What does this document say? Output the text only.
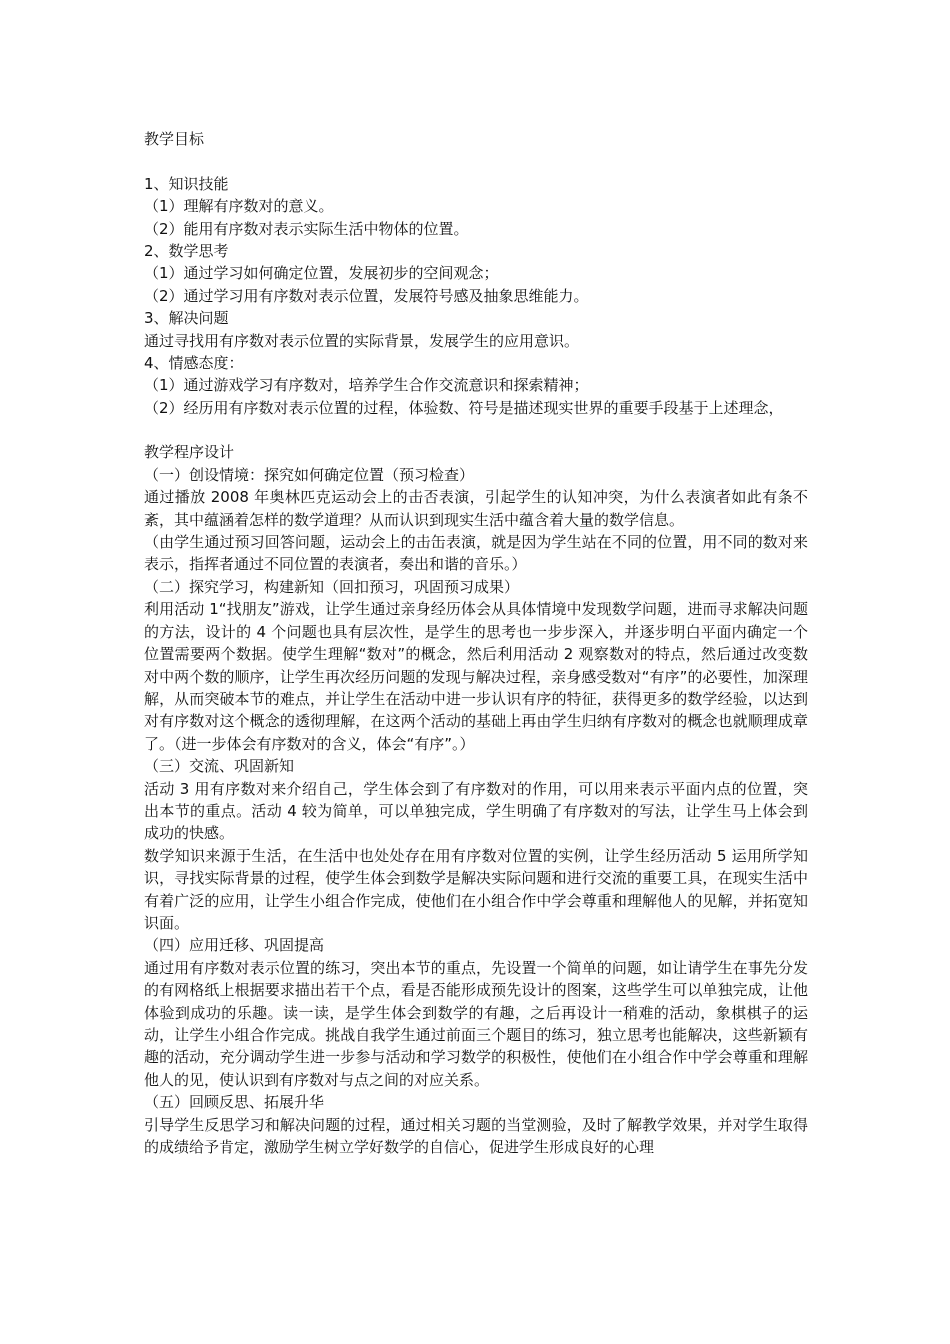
教学目标
1、知识技能
（1）理解有序数对的意义。
（2）能用有序数对表示实际生活中物体的位置。
2、数学思考
（1）通过学习如何确定位置，发展初步的空间观念；
（2）通过学习用有序数对表示位置，发展符号感及抽象思维能力。
3、解决问题
通过寻找用有序数对表示位置的实际背景，发展学生的应用意识。
4、情感态度：
（1）通过游戏学习有序数对，培养学生合作交流意识和探索精神；
（2）经历用有序数对表示位置的过程，体验数、符号是描述现实世界的重要手段基于上述理念，
教学程序设计
（一）创设情境：探究如何确定位置（预习检查）
通过播放 2008 年奥林匹克运动会上的击否表演，引起学生的认知冲突，为什么表演者如此有条不紊，其中蕴涵着怎样的数学道理？从而认识到现实生活中蕴含着大量的数学信息。
（由学生通过预习回答问题，运动会上的击缶表演，就是因为学生站在不同的位置，用不同的数对来表示，指挥者通过不同位置的表演者，奏出和谐的音乐。）
（二）探究学习，构建新知（回扣预习，巩固预习成果）
利用活动 1“找朋友”游戏，让学生通过亲身经历体会从具体情境中发现数学问题，进而寻求解决问题的方法，设计的 4 个问题也具有层次性，是学生的思考也一步步深入，并逐步明白平面内确定一个位置需要两个数据。使学生理解“数对”的概念，然后利用活动 2 观察数对的特点，然后通过改变数对中两个数的顺序，让学生再次经历问题的发现与解决过程，亲身感受数对“有序”的必要性，加深理解，从而突破本节的难点，并让学生在活动中进一步认识有序的特征，获得更多的数学经验，以达到对有序数对这个概念的透彻理解，在这两个活动的基础上再由学生归纳有序数对的概念也就顺理成章了。（进一步体会有序数对的含义，体会“有序”。）
（三）交流、巩固新知
活动 3 用有序数对来介绍自己，学生体会到了有序数对的作用，可以用来表示平面内点的位置，突出本节的重点。活动 4 较为简单，可以单独完成，学生明确了有序数对的写法，让学生马上体会到成功的快感。
数学知识来源于生活，在生活中也处处存在用有序数对位置的实例，让学生经历活动 5 运用所学知识，寻找实际背景的过程，使学生体会到数学是解决实际问题和进行交流的重要工具，在现实生活中有着广泛的应用，让学生小组合作完成，使他们在小组合作中学会尊重和理解他人的见解，并拓宽知识面。
（四）应用迁移、巩固提高
通过用有序数对表示位置的练习，突出本节的重点，先设置一个简单的问题，如让请学生在事先分发的有网格纸上根据要求描出若干个点，看是否能形成预先设计的图案，这些学生可以单独完成，让他体验到成功的乐趣。读一读，是学生体会到数学的有趣，之后再设计一稍难的活动，象棋棋子的运动，让学生小组合作完成。挑战自我学生通过前面三个题目的练习，独立思考也能解决，这些新颖有趣的活动，充分调动学生进一步参与活动和学习数学的积极性，使他们在小组合作中学会尊重和理解他人的见，使认识到有序数对与点之间的对应关系。
（五）回顾反思、拓展升华
引导学生反思学习和解决问题的过程，通过相关习题的当堂测验，及时了解教学效果，并对学生取得的成绩给予肯定，激励学生树立学好数学的自信心，促进学生形成良好的心理
